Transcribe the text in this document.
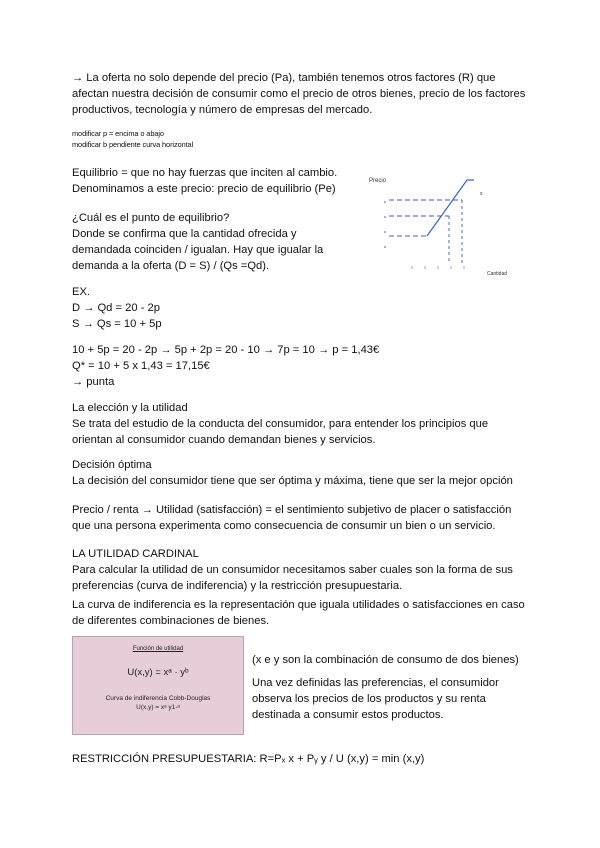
→ La oferta no solo depende del precio (Pa), también tenemos otros factores (R) que
afectan nuestra decisión de consumir como el precio de otros bienes, precio de los factores
productivos, tecnología y número de empresas del mercado.
modificar p = encima o abajo
modificar b pendiente curva horizontal
Equilibrio = que no hay fuerzas que inciten al cambio.
Denominamos a este precio: precio de equilibrio (Pe)
¿Cuál es el punto de equilibrio?
Donde se confirma que la cantidad ofrecida y
demandada coinciden / igualan. Hay que igualar la
demanda a la oferta (D = S) / (Qs =Qd).
Precio
Cantidad
s
EX.
D → Qd = 20 - 2p
S → Qs = 10 + 5p
10 + 5p = 20 - 2p → 5p + 2p = 20 - 10 → 7p = 10 → p = 1,43€
Q* = 10 + 5 x 1,43 = 17,15€
→ punta
La elección y la utilidad
Se trata del estudio de la conducta del consumidor, para entender los principios que
orientan al consumidor cuando demandan bienes y servicios.
Decisión óptima
La decisión del consumidor tiene que ser óptima y máxima, tiene que ser la mejor opción
Precio / renta → Utilidad (satisfacción) = el sentimiento subjetivo de placer o satisfacción
que una persona experimenta como consecuencia de consumir un bien o un servicio.
LA UTILIDAD CARDINAL
Para calcular la utilidad de un consumidor necesitamos saber cuales son la forma de sus
preferencias (curva de indiferencia) y la restricción presupuestaria.
La curva de indiferencia es la representación que iguala utilidades o satisfacciones en caso
de diferentes combinaciones de bienes.
Función de utilidad
U(x,y) = xᵃ · yᵇ
Curva de indiferencia Cobb-Douglas
U(x,y) = xᵃ y1-ᵃ
(x e y son la combinación de consumo de dos bienes)
Una vez definidas las preferencias, el consumidor
observa los precios de los productos y su renta
destinada a consumir estos productos.
RESTRICCIÓN PRESUPUESTARIA: R=Pₓ x + Pᵧ y / U (x,y) = min (x,y)
